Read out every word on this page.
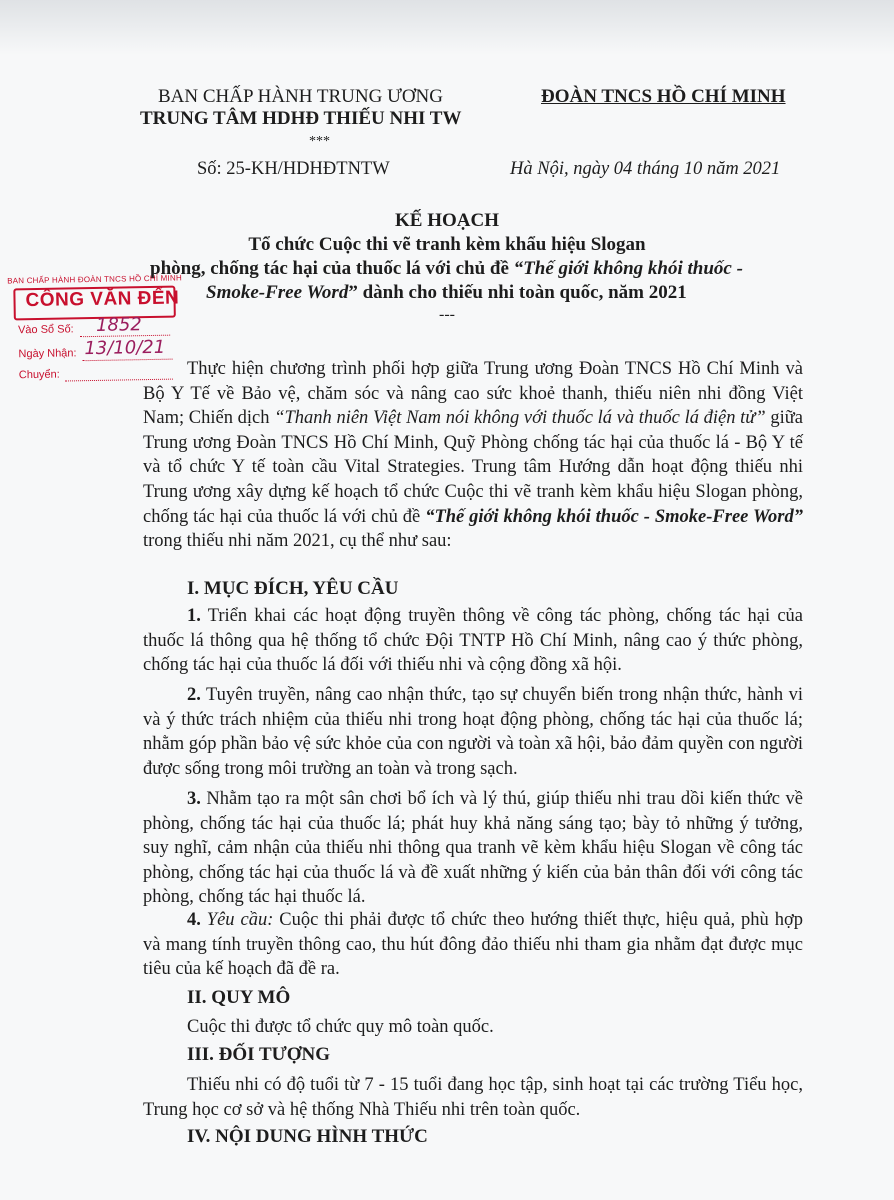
BAN CHẤP HÀNH TRUNG ƯƠNG
TRUNG TÂM HDHĐ THIẾU NHI TW
***
ĐOÀN TNCS HỒ CHÍ MINH
Số: 25-KH/HDHĐTNTW	Hà Nội, ngày 04 tháng 10 năm 2021
KẾ HOẠCH
Tổ chức Cuộc thi vẽ tranh kèm khẩu hiệu Slogan
phòng, chống tác hại của thuốc lá với chủ đề “Thế giới không khói thuốc -
Smoke-Free Word” dành cho thiếu nhi toàn quốc, năm 2021
---
BAN CHẤP HÀNH ĐOÀN TNCS HỒ CHÍ MINH
CÔNG VĂN ĐẾN
Vào Sổ Số: 1852
Ngày Nhận: 13/10/21
Chuyển:	Thực hiện chương trình phối hợp giữa Trung ương Đoàn TNCS Hồ Chí Minh và Bộ Y Tế về Bảo vệ, chăm sóc và nâng cao sức khoẻ thanh, thiếu niên nhi đồng Việt Nam; Chiến dịch “Thanh niên Việt Nam nói không với thuốc lá và thuốc lá điện tử” giữa Trung ương Đoàn TNCS Hồ Chí Minh, Quỹ Phòng chống tác hại của thuốc lá - Bộ Y tế và tổ chức Y tế toàn cầu Vital Strategies. Trung tâm Hướng dẫn hoạt động thiếu nhi Trung ương xây dựng kế hoạch tổ chức Cuộc thi vẽ tranh kèm khẩu hiệu Slogan phòng, chống tác hại của thuốc lá với chủ đề “Thế giới không khói thuốc - Smoke-Free Word” trong thiếu nhi năm 2021, cụ thể như sau:

I. MỤC ĐÍCH, YÊU CẦU

1. Triển khai các hoạt động truyền thông về công tác phòng, chống tác hại của thuốc lá thông qua hệ thống tổ chức Đội TNTP Hồ Chí Minh, nâng cao ý thức phòng, chống tác hại của thuốc lá đối với thiếu nhi và cộng đồng xã hội.

2. Tuyên truyền, nâng cao nhận thức, tạo sự chuyển biến trong nhận thức, hành vi và ý thức trách nhiệm của thiếu nhi trong hoạt động phòng, chống tác hại của thuốc lá; nhằm góp phần bảo vệ sức khỏe của con người và toàn xã hội, bảo đảm quyền con người được sống trong môi trường an toàn và trong sạch.

3. Nhằm tạo ra một sân chơi bổ ích và lý thú, giúp thiếu nhi trau dồi kiến thức về phòng, chống tác hại của thuốc lá; phát huy khả năng sáng tạo; bày tỏ những ý tưởng, suy nghĩ, cảm nhận của thiếu nhi thông qua tranh vẽ kèm khẩu hiệu Slogan về công tác phòng, chống tác hại của thuốc lá và đề xuất những ý kiến của bản thân đối với công tác phòng, chống tác hại thuốc lá.

4. Yêu cầu: Cuộc thi phải được tổ chức theo hướng thiết thực, hiệu quả, phù hợp và mang tính truyền thông cao, thu hút đông đảo thiếu nhi tham gia nhằm đạt được mục tiêu của kế hoạch đã đề ra.

II. QUY MÔ
Cuộc thi được tổ chức quy mô toàn quốc.
III. ĐỐI TƯỢNG

Thiếu nhi có độ tuổi từ 7 - 15 tuổi đang học tập, sinh hoạt tại các trường Tiểu học, Trung học cơ sở và hệ thống Nhà Thiếu nhi trên toàn quốc.

IV. NỘI DUNG HÌNH THỨC
